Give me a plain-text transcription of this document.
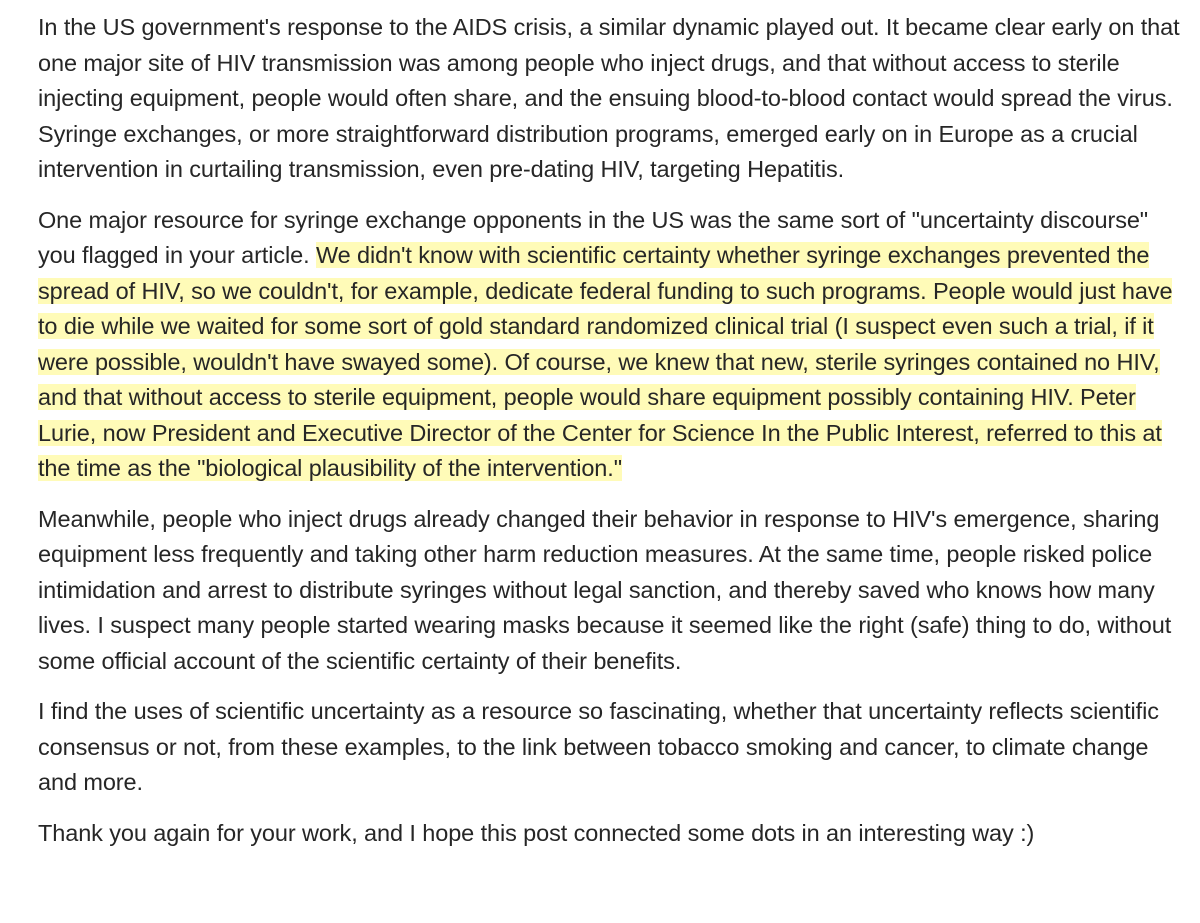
In the US government's response to the AIDS crisis, a similar dynamic played out. It became clear early on that one major site of HIV transmission was among people who inject drugs, and that without access to sterile injecting equipment, people would often share, and the ensuing blood-to-blood contact would spread the virus. Syringe exchanges, or more straightforward distribution programs, emerged early on in Europe as a crucial intervention in curtailing transmission, even pre-dating HIV, targeting Hepatitis.

One major resource for syringe exchange opponents in the US was the same sort of "uncertainty discourse" you flagged in your article. We didn't know with scientific certainty whether syringe exchanges prevented the spread of HIV, so we couldn't, for example, dedicate federal funding to such programs. People would just have to die while we waited for some sort of gold standard randomized clinical trial (I suspect even such a trial, if it were possible, wouldn't have swayed some). Of course, we knew that new, sterile syringes contained no HIV, and that without access to sterile equipment, people would share equipment possibly containing HIV. Peter Lurie, now President and Executive Director of the Center for Science In the Public Interest, referred to this at the time as the "biological plausibility of the intervention."

Meanwhile, people who inject drugs already changed their behavior in response to HIV's emergence, sharing equipment less frequently and taking other harm reduction measures. At the same time, people risked police intimidation and arrest to distribute syringes without legal sanction, and thereby saved who knows how many lives. I suspect many people started wearing masks because it seemed like the right (safe) thing to do, without some official account of the scientific certainty of their benefits.

I find the uses of scientific uncertainty as a resource so fascinating, whether that uncertainty reflects scientific consensus or not, from these examples, to the link between tobacco smoking and cancer, to climate change and more.

Thank you again for your work, and I hope this post connected some dots in an interesting way :)
